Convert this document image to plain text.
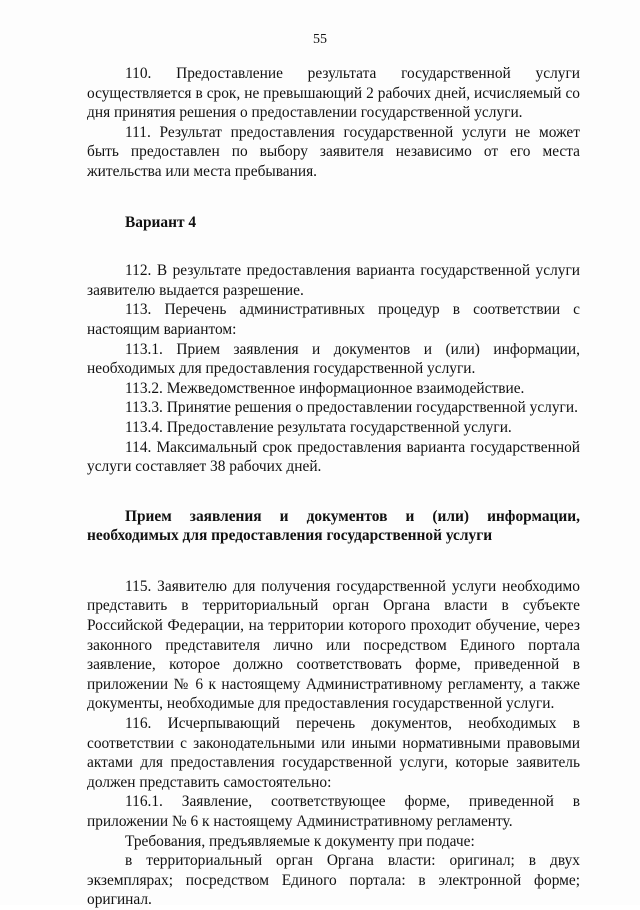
55

110. Предоставление результата государственной услуги осуществляется в срок, не превышающий 2 рабочих дней, исчисляемый со дня принятия решения о предоставлении государственной услуги.

111. Результат предоставления государственной услуги не может быть предоставлен по выбору заявителя независимо от его места жительства или места пребывания.

Вариант 4

112. В результате предоставления варианта государственной услуги заявителю выдается разрешение.

113. Перечень административных процедур в соответствии с настоящим вариантом:

113.1. Прием заявления и документов и (или) информации, необходимых для предоставления государственной услуги.

113.2. Межведомственное информационное взаимодействие.

113.3. Принятие решения о предоставлении государственной услуги.

113.4. Предоставление результата государственной услуги.

114. Максимальный срок предоставления варианта государственной услуги составляет 38 рабочих дней.

Прием заявления и документов и (или) информации, необходимых для предоставления государственной услуги

115. Заявителю для получения государственной услуги необходимо представить в территориальный орган Органа власти в субъекте Российской Федерации, на территории которого проходит обучение, через законного представителя лично или посредством Единого портала заявление, которое должно соответствовать форме, приведенной в приложении № 6 к настоящему Административному регламенту, а также документы, необходимые для предоставления государственной услуги.

116. Исчерпывающий перечень документов, необходимых в соответствии с законодательными или иными нормативными правовыми актами для предоставления государственной услуги, которые заявитель должен представить самостоятельно:

116.1. Заявление, соответствующее форме, приведенной в приложении № 6 к настоящему Административному регламенту.

Требования, предъявляемые к документу при подаче:

в территориальный орган Органа власти: оригинал; в двух экземплярах; посредством Единого портала: в электронной форме; оригинал.
